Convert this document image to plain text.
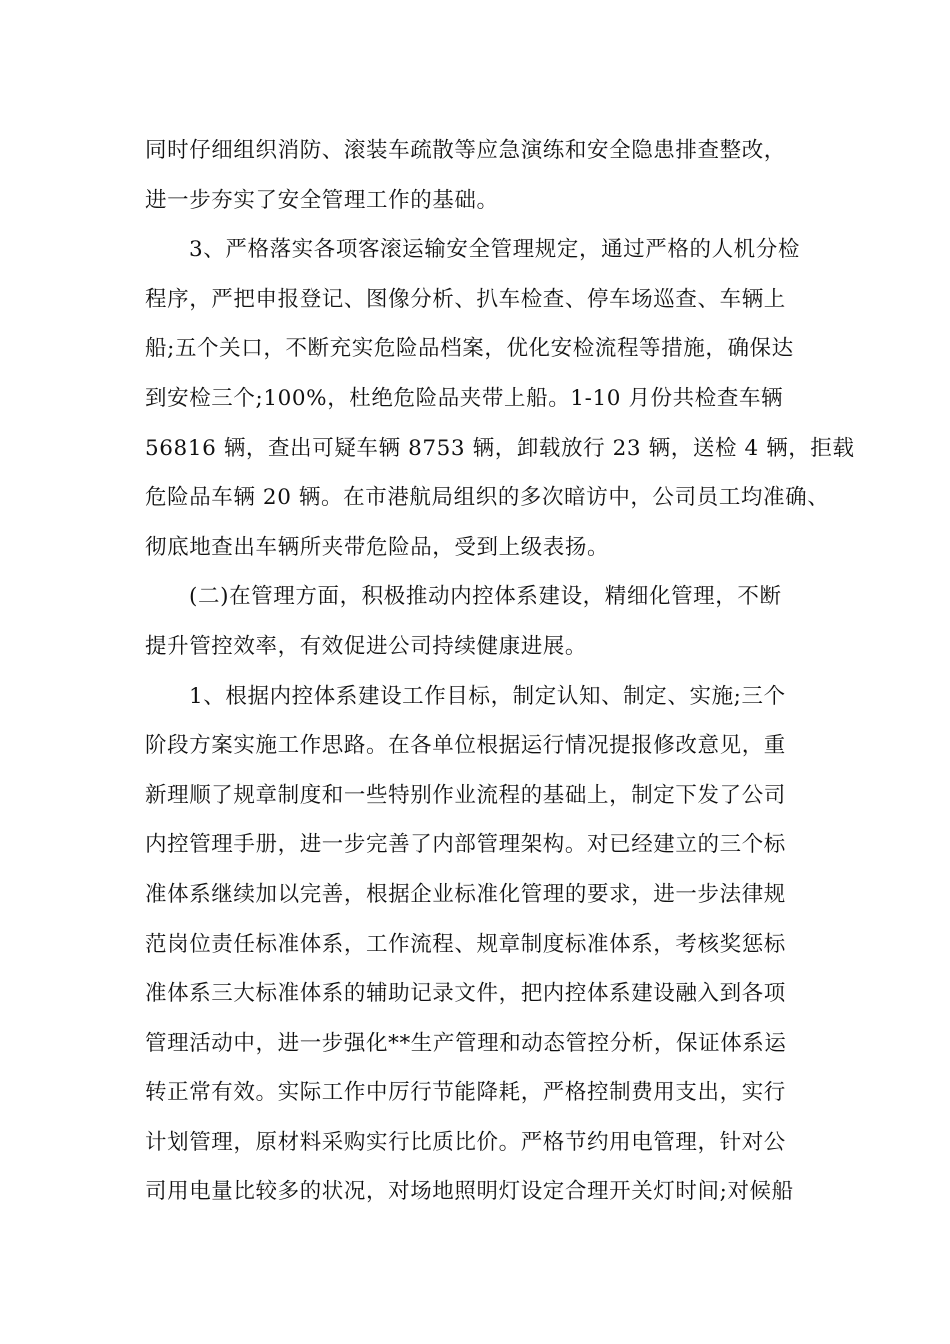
同时仔细组织消防、滚装车疏散等应急演练和安全隐患排查整改，
进一步夯实了安全管理工作的基础。
3、严格落实各项客滚运输安全管理规定，通过严格的人机分检
程序，严把申报登记、图像分析、扒车检查、停车场巡查、车辆上
船;五个关口，不断充实危险品档案，优化安检流程等措施，确保达
到安检三个;100%，杜绝危险品夹带上船。1-10 月份共检查车辆
56816 辆，查出可疑车辆 8753 辆，卸载放行 23 辆，送检 4 辆，拒载
危险品车辆 20 辆。在市港航局组织的多次暗访中，公司员工均准确、
彻底地查出车辆所夹带危险品，受到上级表扬。
(二)在管理方面，积极推动内控体系建设，精细化管理，不断
提升管控效率，有效促进公司持续健康进展。
1、根据内控体系建设工作目标，制定认知、制定、实施;三个
阶段方案实施工作思路。在各单位根据运行情况提报修改意见，重
新理顺了规章制度和一些特别作业流程的基础上，制定下发了公司
内控管理手册，进一步完善了内部管理架构。对已经建立的三个标
准体系继续加以完善，根据企业标准化管理的要求，进一步法律规
范岗位责任标准体系，工作流程、规章制度标准体系，考核奖惩标
准体系三大标准体系的辅助记录文件，把内控体系建设融入到各项
管理活动中，进一步强化**生产管理和动态管控分析，保证体系运
转正常有效。实际工作中厉行节能降耗，严格控制费用支出，实行
计划管理，原材料采购实行比质比价。严格节约用电管理，针对公
司用电量比较多的状况，对场地照明灯设定合理开关灯时间;对候船
